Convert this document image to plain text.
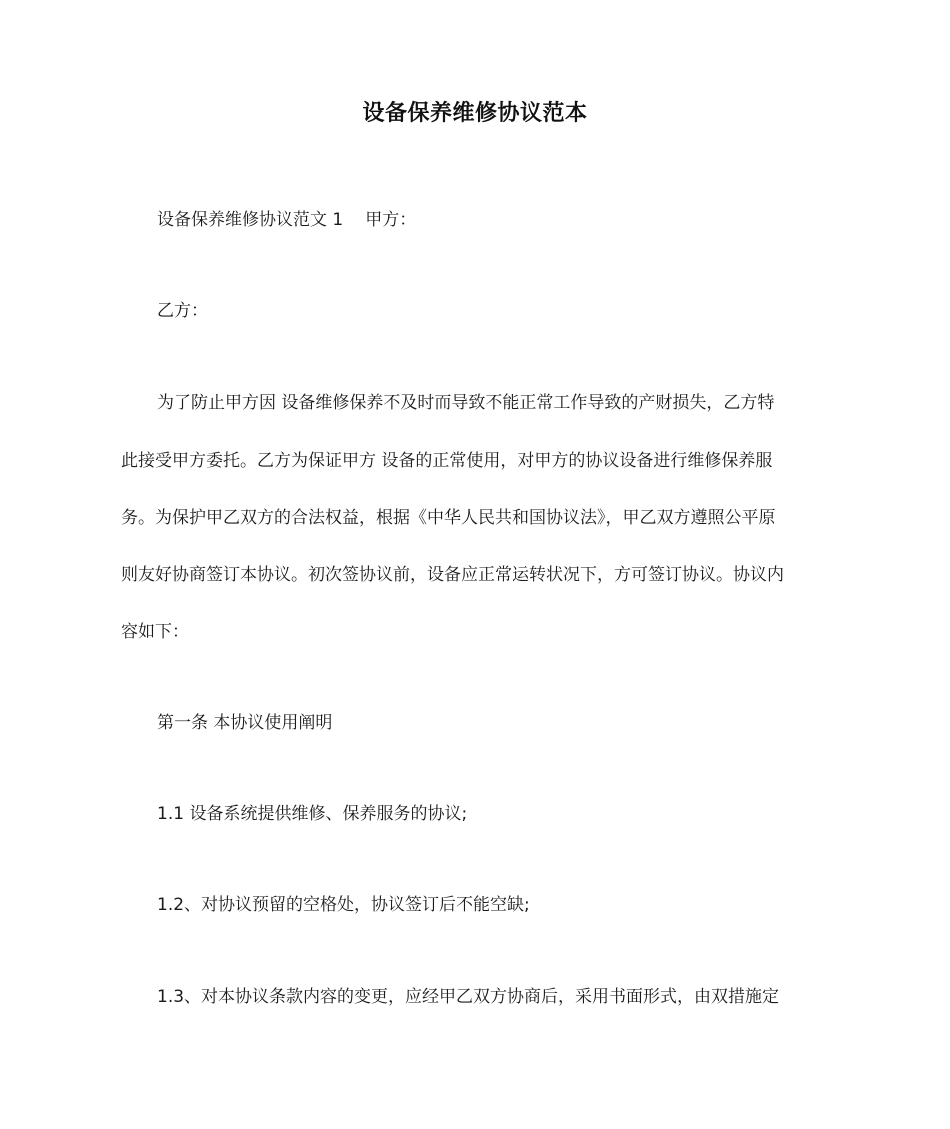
设备保养维修协议范本
设备保养维修协议范文 1 甲方：
乙方：
为了防止甲方因 设备维修保养不及时而导致不能正常工作导致的产财损失，乙方特
此接受甲方委托。乙方为保证甲方 设备的正常使用，对甲方的协议设备进行维修保养服
务。为保护甲乙双方的合法权益，根据《中华人民共和国协议法》，甲乙双方遵照公平原
则友好协商签订本协议。初次签协议前，设备应正常运转状况下，方可签订协议。协议内
容如下：
第一条 本协议使用阐明
1.1 设备系统提供维修、保养服务的协议;
1.2、对协议预留的空格处，协议签订后不能空缺;
1.3、对本协议条款内容的变更，应经甲乙双方协商后，采用书面形式，由双措施定
